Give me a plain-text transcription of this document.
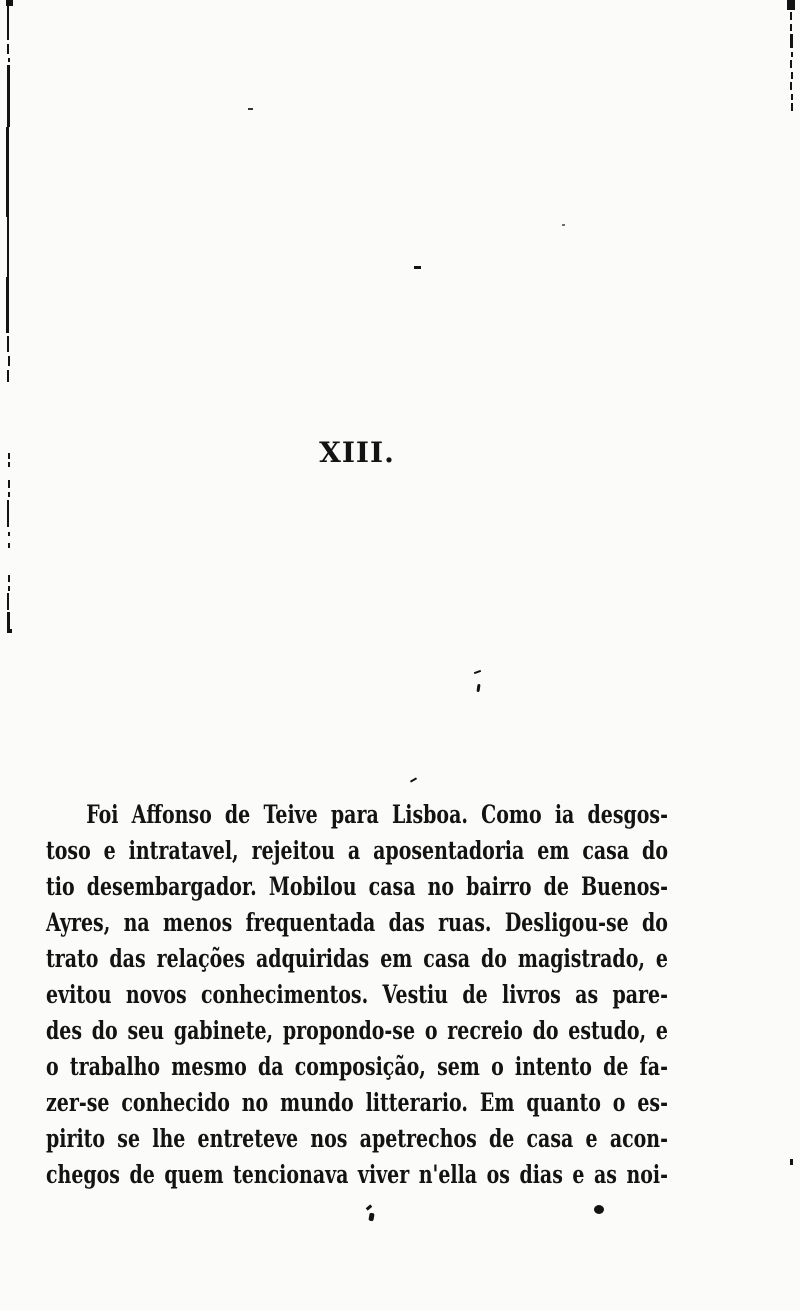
XIII.
Foi Affonso de Teive para Lisboa. Como ia desgos-
toso e intratavel, rejeitou a aposentadoria em casa do
tio desembargador. Mobilou casa no bairro de Buenos-
Ayres, na menos frequentada das ruas. Desligou-se do
trato das relações adquiridas em casa do magistrado, e
evitou novos conhecimentos. Vestiu de livros as pare-
des do seu gabinete, propondo-se o recreio do estudo, e
o trabalho mesmo da composição, sem o intento de fa-
zer-se conhecido no mundo litterario. Em quanto o es-
pirito se lhe entreteve nos apetrechos de casa e acon-
chegos de quem tencionava viver n'ella os dias e as noi-
